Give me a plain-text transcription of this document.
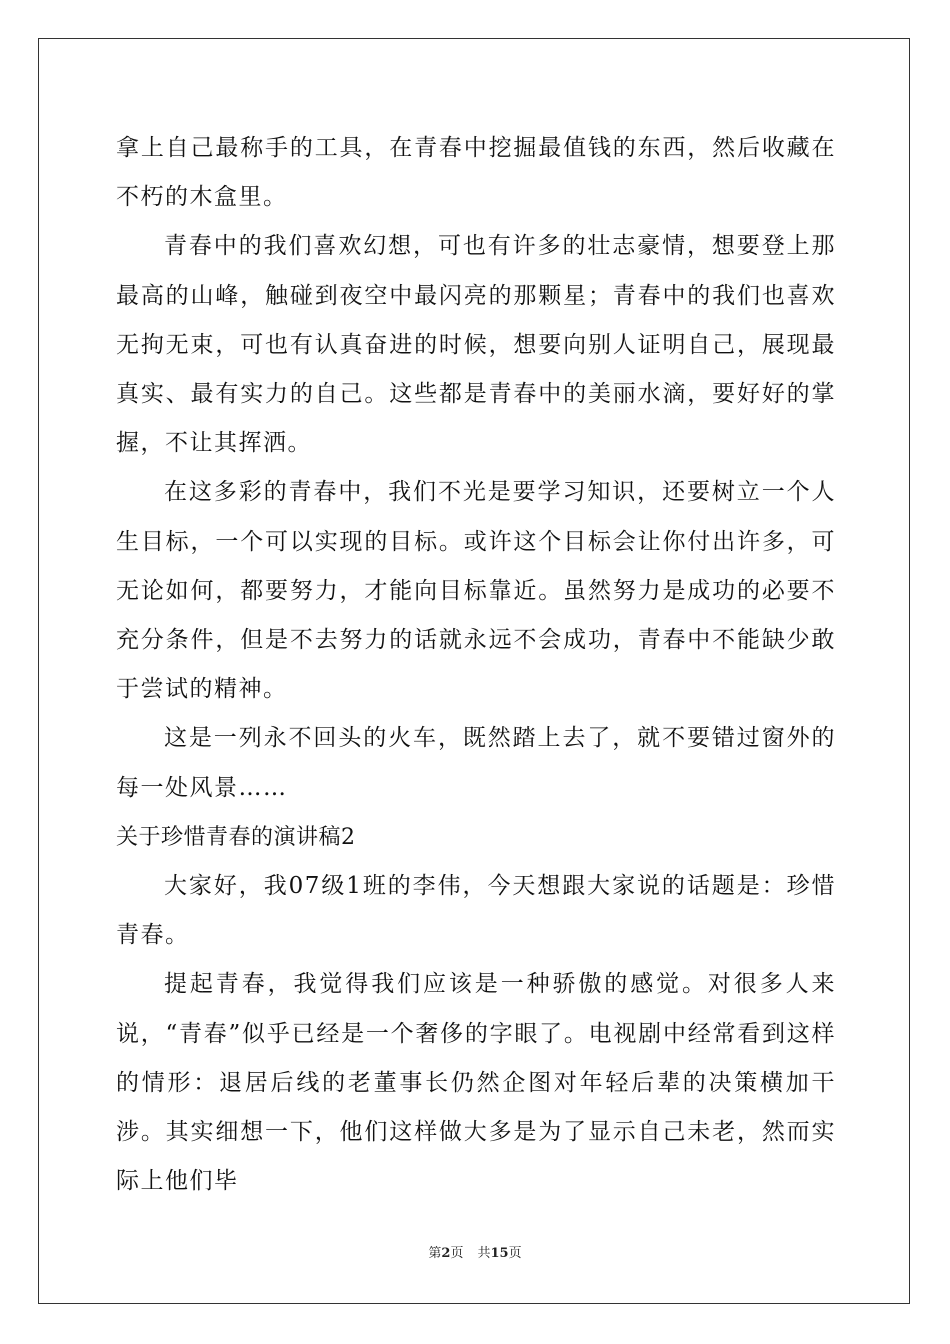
拿上自己最称手的工具，在青春中挖掘最值钱的东西，然后收藏在不朽的木盒里。

青春中的我们喜欢幻想，可也有许多的壮志豪情，想要登上那最高的山峰，触碰到夜空中最闪亮的那颗星；青春中的我们也喜欢无拘无束，可也有认真奋进的时候，想要向别人证明自己，展现最真实、最有实力的自己。这些都是青春中的美丽水滴，要好好的掌握，不让其挥洒。

在这多彩的青春中，我们不光是要学习知识，还要树立一个人生目标，一个可以实现的目标。或许这个目标会让你付出许多，可无论如何，都要努力，才能向目标靠近。虽然努力是成功的必要不充分条件，但是不去努力的话就永远不会成功，青春中不能缺少敢于尝试的精神。

这是一列永不回头的火车，既然踏上去了，就不要错过窗外的每一处风景……

关于珍惜青春的演讲稿2

大家好，我07级1班的李伟，今天想跟大家说的话题是：珍惜青春。

提起青春，我觉得我们应该是一种骄傲的感觉。对很多人来说，“青春”似乎已经是一个奢侈的字眼了。电视剧中经常看到这样的情形：退居后线的老董事长仍然企图对年轻后辈的决策横加干涉。其实细想一下，他们这样做大多是为了显示自己未老，然而实际上他们毕

第2页 共15页
